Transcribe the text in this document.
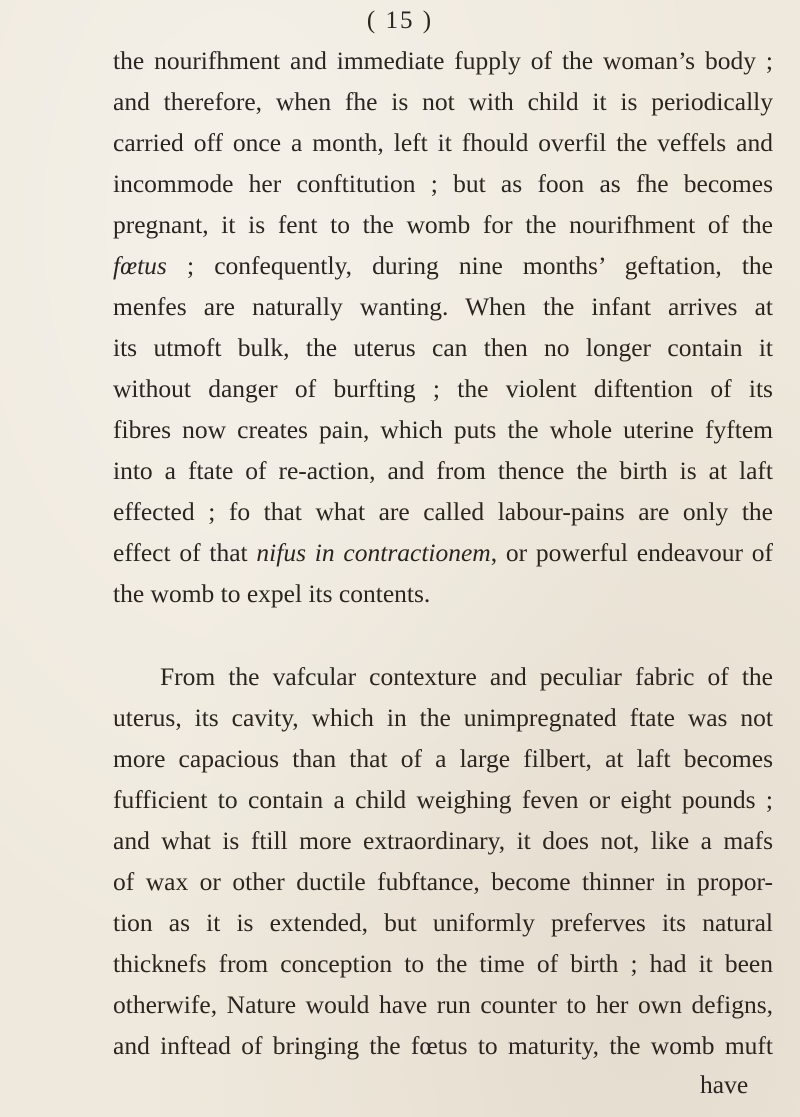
( 15 )
the nourifhment and immediate fupply of the woman’s body ;
and therefore, when fhe is not with child it is periodically
carried off once a month, left it fhould overfil the veffels and
incommode her conftitution ; but as foon as fhe becomes
pregnant, it is fent to the womb for the nourifhment of the
fœtus ; confequently, during nine months’ geftation, the
menfes are naturally wanting. When the infant arrives at
its utmoft bulk, the uterus can then no longer contain it
without danger of burfting ; the violent diftention of its
fibres now creates pain, which puts the whole uterine fyftem
into a ftate of re-action, and from thence the birth is at laft
effected ; fo that what are called labour-pains are only the
effect of that nifus in contractionem, or powerful endeavour of
the womb to expel its contents.
From the vafcular contexture and peculiar fabric of the
uterus, its cavity, which in the unimpregnated ftate was not
more capacious than that of a large filbert, at laft becomes
fufficient to contain a child weighing feven or eight pounds ;
and what is ftill more extraordinary, it does not, like a mafs
of wax or other ductile fubftance, become thinner in propor-
tion as it is extended, but uniformly preferves its natural
thicknefs from conception to the time of birth ; had it been
otherwife, Nature would have run counter to her own defigns,
and inftead of bringing the fœtus to maturity, the womb muft
have
